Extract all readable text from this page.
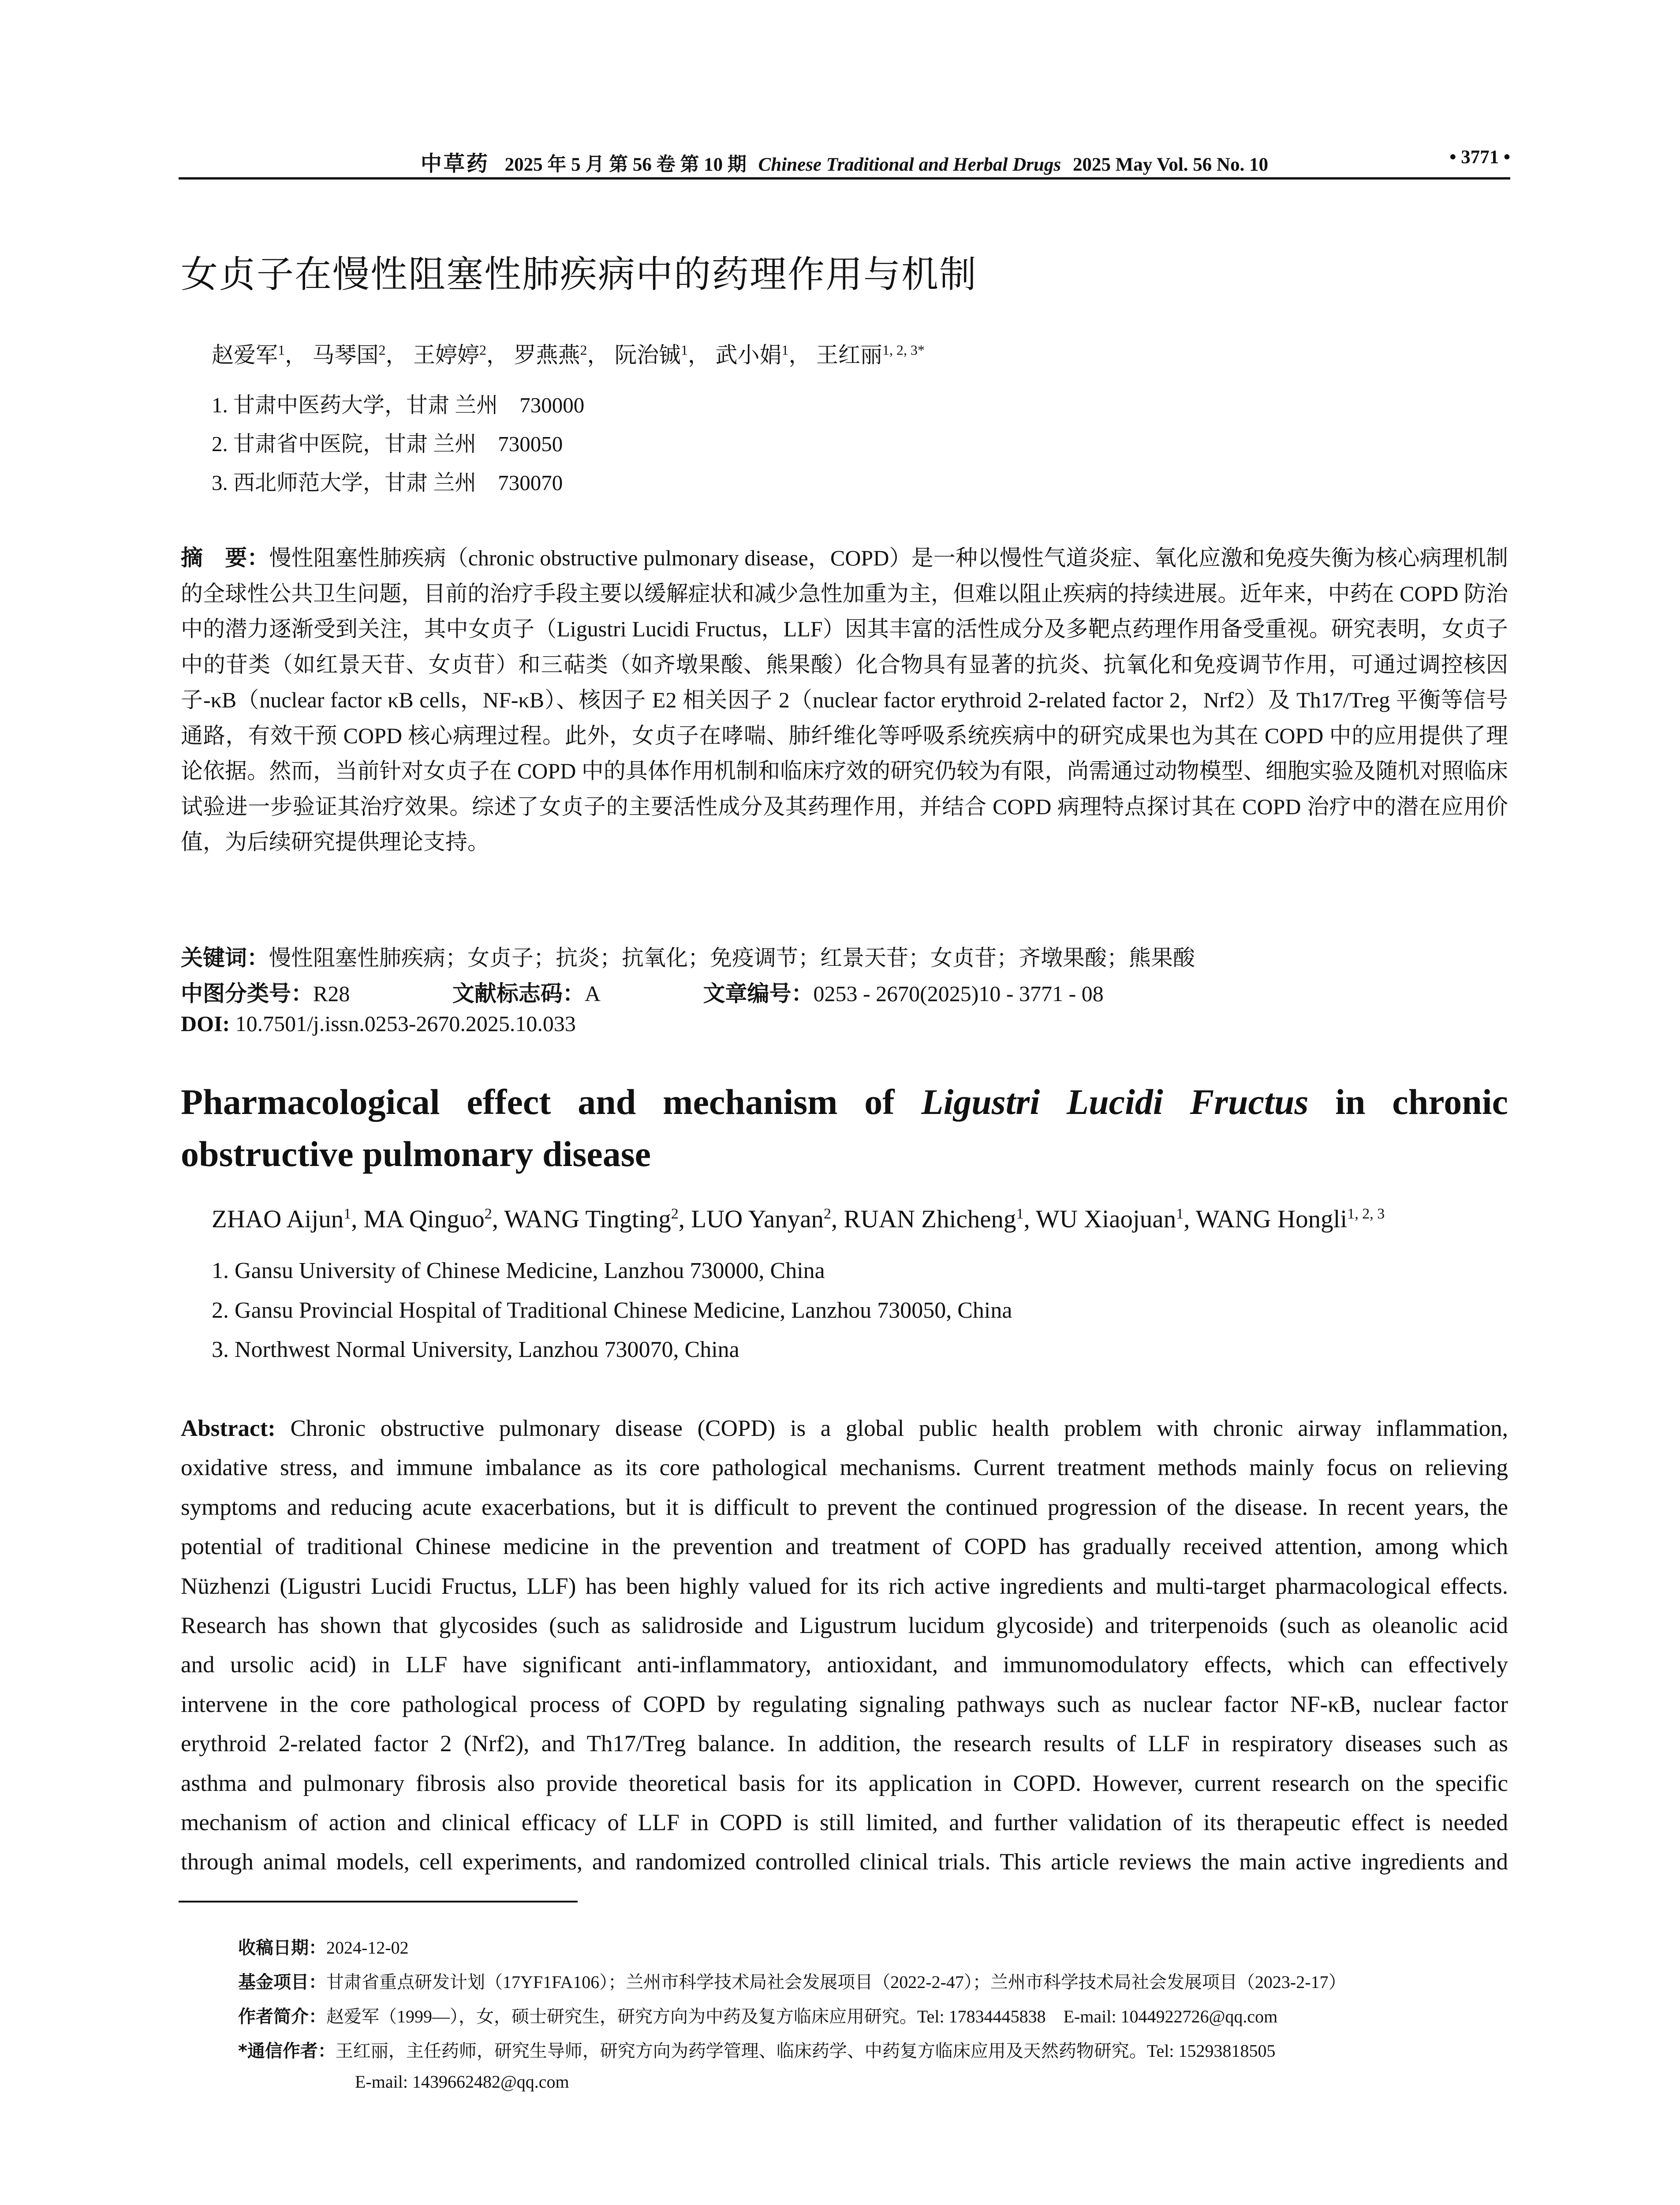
中草药 2025 年 5 月 第 56 卷 第 10 期 Chinese Traditional and Herbal Drugs 2025 May Vol. 56 No. 10	• 3771 •
女贞子在慢性阻塞性肺疾病中的药理作用与机制
赵爱军$^1$， 马琴国$^2$， 王婷婷$^2$， 罗燕燕$^2$， 阮治铖$^1$， 武小娟$^1$， 王红丽$^{1, 2, 3*}$
1. 甘肃中医药大学，甘肃 兰州　730000
2. 甘肃省中医院，甘肃 兰州　730050
3. 西北师范大学，甘肃 兰州　730070
摘　要：慢性阻塞性肺疾病（chronic obstructive pulmonary disease，COPD）是一种以慢性气道炎症、氧化应激和免疫失衡为核心病理机制的全球性公共卫生问题，目前的治疗手段主要以缓解症状和减少急性加重为主，但难以阻止疾病的持续进展。近年来，中药在 COPD 防治中的潜力逐渐受到关注，其中女贞子（Ligustri Lucidi Fructus，LLF）因其丰富的活性成分及多靶点药理作用备受重视。研究表明，女贞子中的苷类（如红景天苷、女贞苷）和三萜类（如齐墩果酸、熊果酸）化合物具有显著的抗炎、抗氧化和免疫调节作用，可通过调控核因子-κB（nuclear factor κB cells，NF-κB）、核因子 E2 相关因子 2（nuclear factor erythroid 2-related factor 2，Nrf2）及 Th17/Treg 平衡等信号通路，有效干预 COPD 核心病理过程。此外，女贞子在哮喘、肺纤维化等呼吸系统疾病中的研究成果也为其在 COPD 中的应用提供了理论依据。然而，当前针对女贞子在 COPD 中的具体作用机制和临床疗效的研究仍较为有限，尚需通过动物模型、细胞实验及随机对照临床试验进一步验证其治疗效果。综述了女贞子的主要活性成分及其药理作用，并结合 COPD 病理特点探讨其在 COPD 治疗中的潜在应用价值，为后续研究提供理论支持。
关键词：慢性阻塞性肺疾病；女贞子；抗炎；抗氧化；免疫调节；红景天苷；女贞苷；齐墩果酸；熊果酸
中图分类号：R28	文献标志码：A	文章编号：0253 - 2670(2025)10 - 3771 - 08
DOI: 10.7501/j.issn.0253-2670.2025.10.033
Pharmacological effect and mechanism of Ligustri Lucidi Fructus in chronic obstructive pulmonary disease
ZHAO Aijun$^1$, MA Qinguo$^2$, WANG Tingting$^2$, LUO Yanyan$^2$, RUAN Zhicheng$^1$, WU Xiaojuan$^1$, WANG Hongli$^{1, 2, 3}$
1. Gansu University of Chinese Medicine, Lanzhou 730000, China
2. Gansu Provincial Hospital of Traditional Chinese Medicine, Lanzhou 730050, China
3. Northwest Normal University, Lanzhou 730070, China
Abstract: Chronic obstructive pulmonary disease (COPD) is a global public health problem with chronic airway inflammation,
oxidative stress, and immune imbalance as its core pathological mechanisms. Current treatment methods mainly focus on relieving
symptoms and reducing acute exacerbations, but it is difficult to prevent the continued progression of the disease. In recent years, the
potential of traditional Chinese medicine in the prevention and treatment of COPD has gradually received attention, among which
Nüzhenzi (Ligustri Lucidi Fructus, LLF) has been highly valued for its rich active ingredients and multi-target pharmacological effects.
Research has shown that glycosides (such as salidroside and Ligustrum lucidum glycoside) and triterpenoids (such as oleanolic acid
and ursolic acid) in LLF have significant anti-inflammatory, antioxidant, and immunomodulatory effects, which can effectively
intervene in the core pathological process of COPD by regulating signaling pathways such as nuclear factor NF-κB, nuclear factor
erythroid 2-related factor 2 (Nrf2), and Th17/Treg balance. In addition, the research results of LLF in respiratory diseases such as
asthma and pulmonary fibrosis also provide theoretical basis for its application in COPD. However, current research on the specific
mechanism of action and clinical efficacy of LLF in COPD is still limited, and further validation of its therapeutic effect is needed
through animal models, cell experiments, and randomized controlled clinical trials. This article reviews the main active ingredients and
收稿日期：2024-12-02
基金项目：甘肃省重点研发计划（17YF1FA106）；兰州市科学技术局社会发展项目（2022-2-47）；兰州市科学技术局社会发展项目（2023-2-17）
作者简介：赵爱军（1999—），女，硕士研究生，研究方向为中药及复方临床应用研究。Tel: 17834445838　E-mail: 1044922726@qq.com
*通信作者：王红丽，主任药师，研究生导师，研究方向为药学管理、临床药学、中药复方临床应用及天然药物研究。Tel: 15293818505
E-mail: 1439662482@qq.com
